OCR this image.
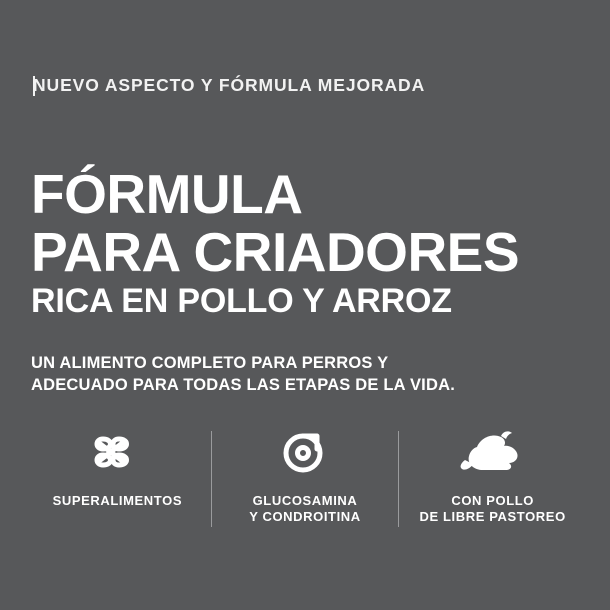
NUEVO ASPECTO Y FÓRMULA MEJORADA
FÓRMULA
PARA CRIADORES
RICA EN POLLO Y ARROZ
UN ALIMENTO COMPLETO PARA PERROS Y
ADECUADO PARA TODAS LAS ETAPAS DE LA VIDA.
SUPERALIMENTOS	GLUCOSAMINA
Y CONDROITINA
CON POLLO
DE LIBRE PASTOREO
